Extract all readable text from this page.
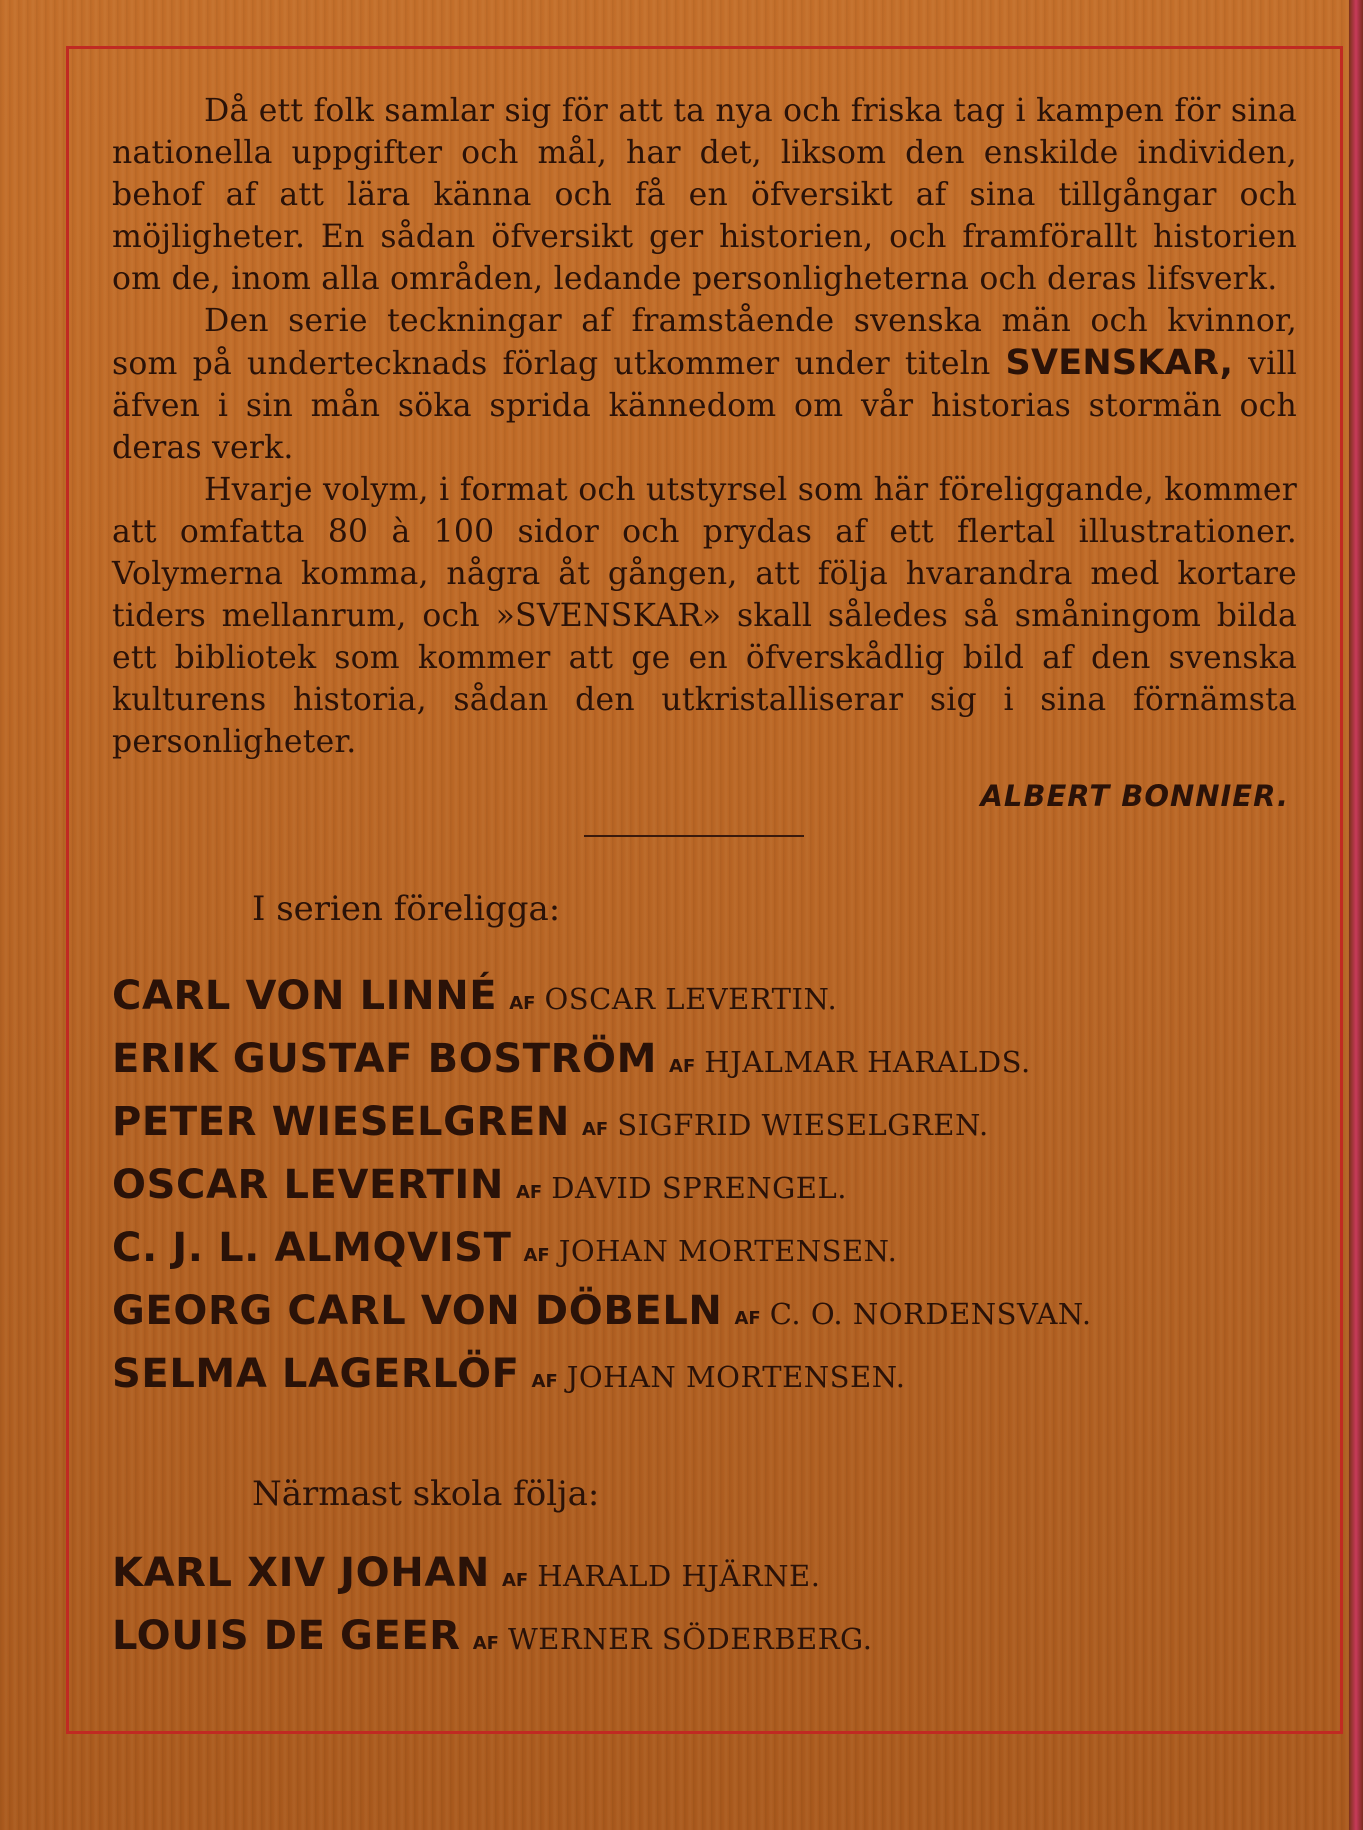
Då ett folk samlar sig för att ta nya och friska tag i kampen för sina nationella uppgifter och mål, har det, liksom den enskilde individen, behof af att lära känna och få en öfversikt af sina tillgångar och möjligheter. En sådan öfversikt ger historien, och framförallt historien om de, inom alla områden, ledande personligheterna och deras lifsverk.

Den serie teckningar af framstående svenska män och kvinnor, som på undertecknads förlag utkommer under titeln SVENSKAR, vill äfven i sin mån söka sprida kännedom om vår historias stormän och deras verk.

Hvarje volym, i format och utstyrsel som här föreliggande, kommer att omfatta 80 à 100 sidor och prydas af ett flertal illustrationer. Volymerna komma, några åt gången, att följa hvarandra med kortare tiders mellanrum, och »SVENSKAR» skall således så småningom bilda ett bibliotek som kommer att ge en öfverskådlig bild af den svenska kulturens historia, sådan den utkristalliserar sig i sina förnämsta personligheter.

ALBERT BONNIER.
I serien föreligga:
CARL VON LINNÉ AF OSCAR LEVERTIN.
ERIK GUSTAF BOSTRÖM AF HJALMAR HARALDS.
PETER WIESELGREN AF SIGFRID WIESELGREN.
OSCAR LEVERTIN AF DAVID SPRENGEL.
C. J. L. ALMQVIST AF JOHAN MORTENSEN.
GEORG CARL VON DÖBELN AF C. O. NORDENSVAN.
SELMA LAGERLÖF AF JOHAN MORTENSEN.
Närmast skola följa:
KARL XIV JOHAN AF HARALD HJÄRNE.
LOUIS DE GEER AF WERNER SÖDERBERG.
